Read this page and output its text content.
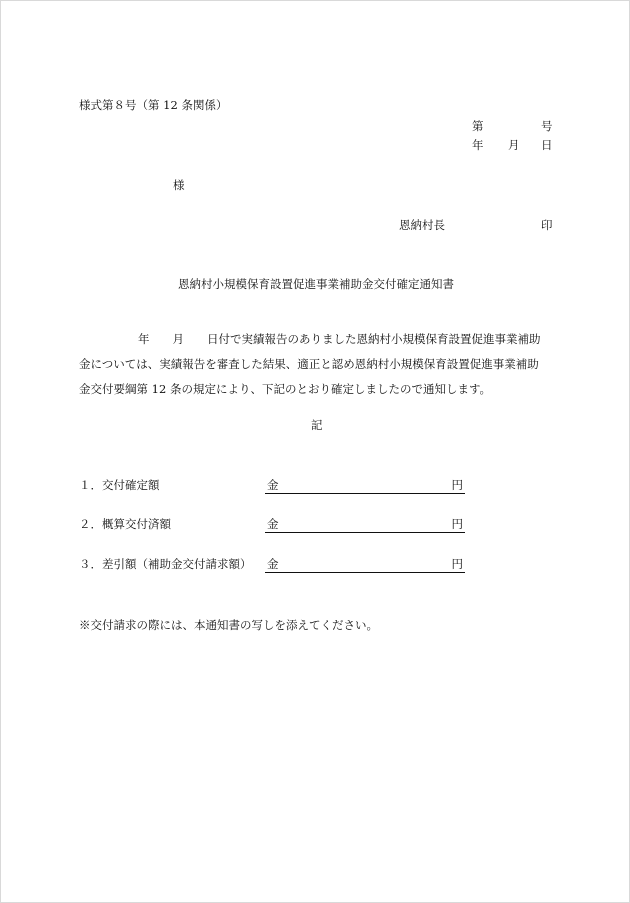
様式第８号（第 12 条関係）
第	号
年 月 日
様
恩納村長	印
恩納村小規模保育設置促進事業補助金交付確定通知書
年 月 日付で実績報告のありました恩納村小規模保育設置促進事業補助
金については、実績報告を審査した結果、適正と認め恩納村小規模保育設置促進事業補助
金交付要綱第 12 条の規定により、下記のとおり確定しましたので通知します。
記
１．交付確定額	金	円
２．概算交付済額	金	円
３．差引額（補助金交付請求額） 金	円
※交付請求の際には、本通知書の写しを添えてください。
